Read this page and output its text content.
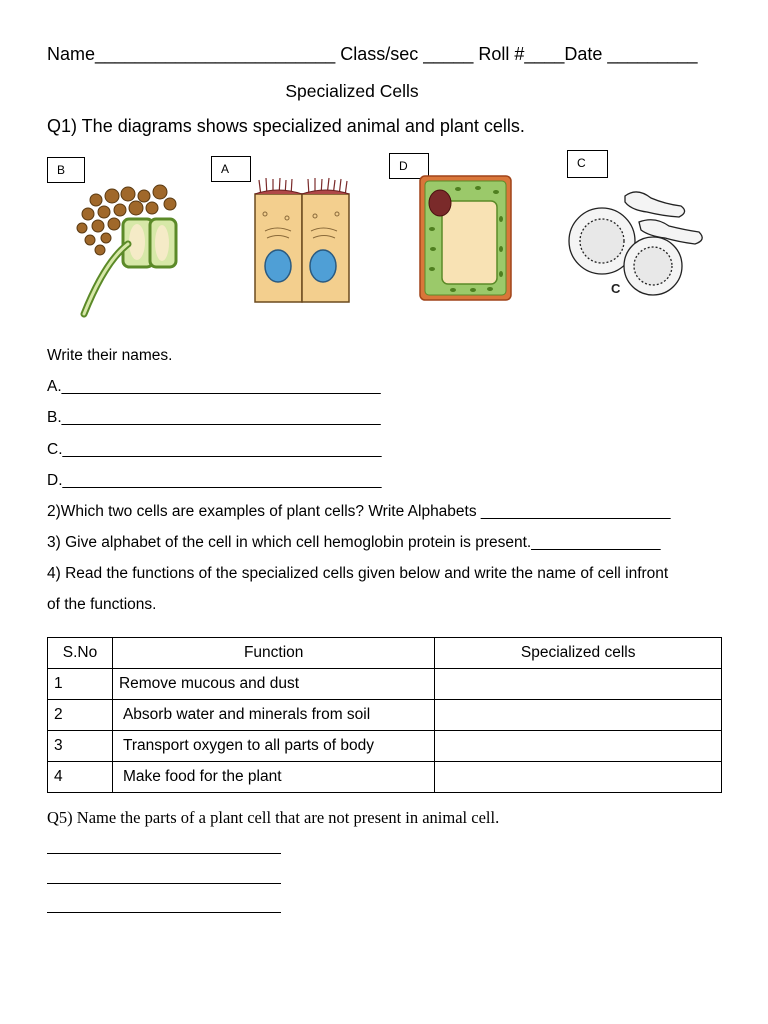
Name________________________ Class/sec _____ Roll #____Date _________
Specialized Cells
Q1) The diagrams shows specialized animal and plant cells.
B	A	D	C
C
Write their names.
A._____________________________________
B._____________________________________
C._____________________________________
D._____________________________________
2)Which two cells are examples of plant cells? Write Alphabets ______________________
3) Give alphabet of the cell in which cell hemoglobin protein is present._______________
4) Read the functions of the specialized cells given below and write the name of cell infront
of the functions.
S.No	Function	Specialized cells
1	Remove mucous and dust	
2	Absorb water and minerals from soil	
3	Transport oxygen to all parts of body	
4	Make food for the plant	
Q5) Name the parts of a plant cell that are not present in animal cell.
